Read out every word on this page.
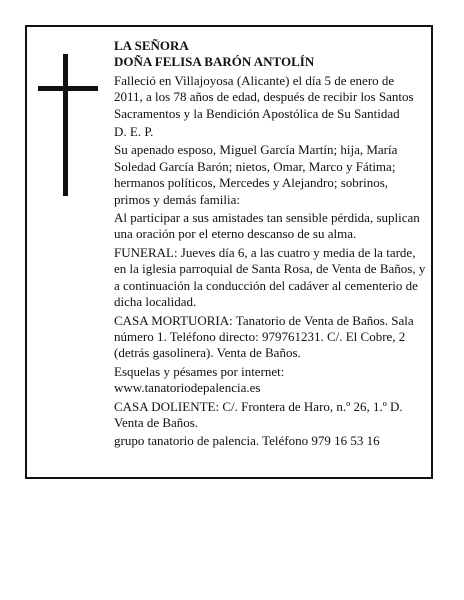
LA SEÑORA

DOÑA FELISA BARÓN ANTOLÍN

Falleció en Villajoyosa (Alicante) el día 5 de enero de 2011, a los 78 años de edad, después de recibir los Santos Sacramentos y la Bendición Apostólica de Su Santidad

D. E. P.

Su apenado esposo, Miguel García Martín; hija, María Soledad García Barón; nietos, Omar, Marco y Fátima; hermanos políticos, Mercedes y Alejandro; sobrinos, primos y demás familia:

Al participar a sus amistades tan sensible pérdida, suplican una oración por el eterno descanso de su alma.

FUNERAL: Jueves día 6, a las cuatro y media de la tarde, en la iglesia parroquial de Santa Rosa, de Venta de Baños, y a continuación la conducción del cadáver al cementerio de dicha localidad.

CASA MORTUORIA: Tanatorio de Venta de Baños. Sala número 1. Teléfono directo: 979761231. C/. El Cobre, 2 (detrás gasolinera). Venta de Baños.

Esquelas y pésames por internet: www.tanatoriodepalencia.es

CASA DOLIENTE: C/. Frontera de Haro, n.º 26, 1.º D. Venta de Baños.

grupo tanatorio de palencia. Teléfono 979 16 53 16
